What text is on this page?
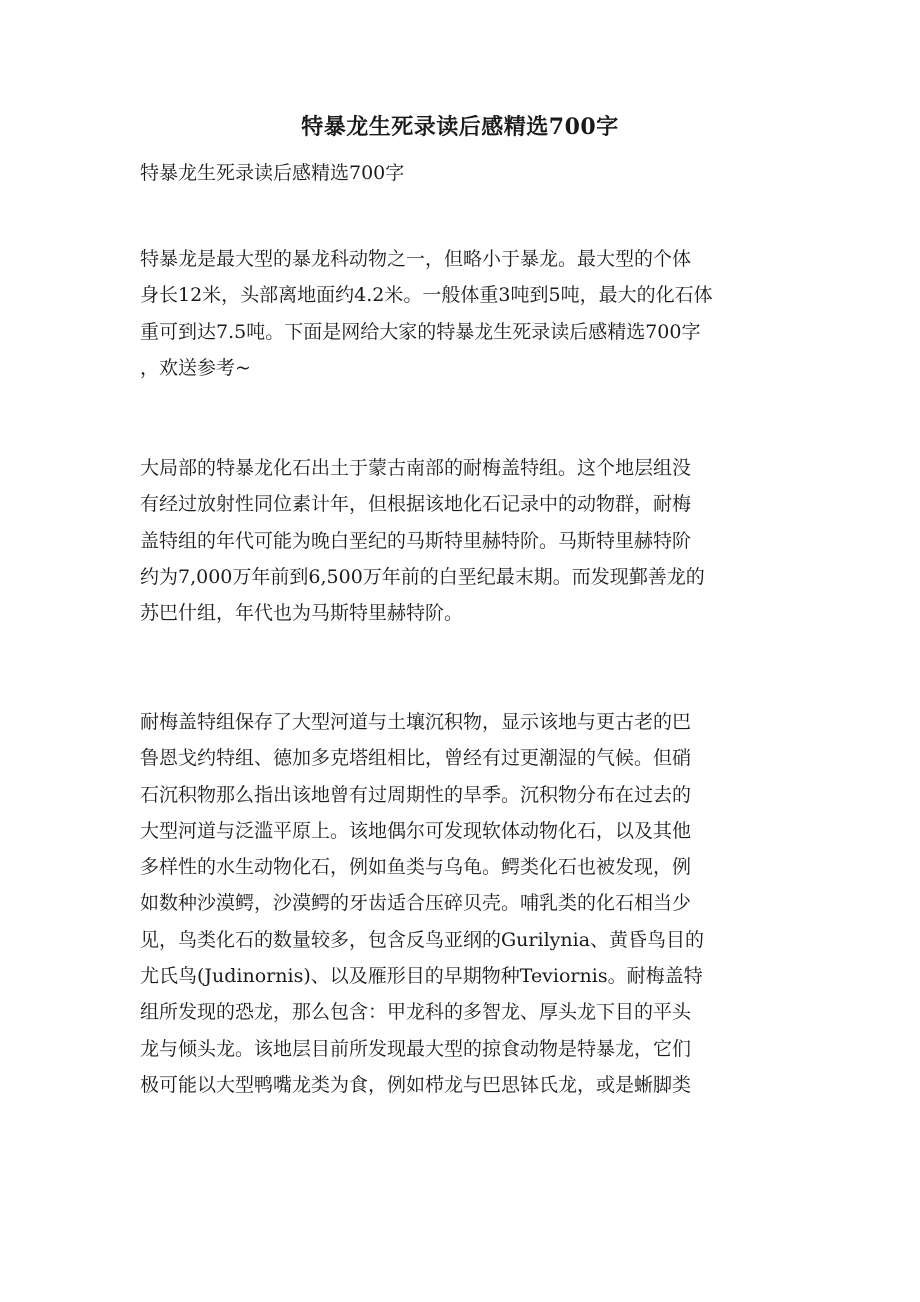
特暴龙生死录读后感精选700字
特暴龙生死录读后感精选700字
特暴龙是最大型的暴龙科动物之一，但略小于暴龙。最大型的个体
身长12米，头部离地面约4.2米。一般体重3吨到5吨，最大的化石体
重可到达7.5吨。下面是网给大家的特暴龙生死录读后感精选700字
，欢送参考~
大局部的特暴龙化石出土于蒙古南部的耐梅盖特组。这个地层组没
有经过放射性同位素计年，但根据该地化石记录中的动物群，耐梅
盖特组的年代可能为晚白垩纪的马斯特里赫特阶。马斯特里赫特阶
约为7,000万年前到6,500万年前的白垩纪最末期。而发现鄞善龙的
苏巴什组，年代也为马斯特里赫特阶。
耐梅盖特组保存了大型河道与土壤沉积物，显示该地与更古老的巴
鲁恩戈约特组、德加多克塔组相比，曾经有过更潮湿的气候。但硝
石沉积物那么指出该地曾有过周期性的旱季。沉积物分布在过去的
大型河道与泛滥平原上。该地偶尔可发现软体动物化石，以及其他
多样性的水生动物化石，例如鱼类与乌龟。鳄类化石也被发现，例
如数种沙漠鳄，沙漠鳄的牙齿适合压碎贝壳。哺乳类的化石相当少
见，鸟类化石的数量较多，包含反鸟亚纲的Gurilynia、黄昏鸟目的
尤氏鸟(Judinornis)、以及雁形目的早期物种Teviornis。耐梅盖特
组所发现的恐龙，那么包含：甲龙科的多智龙、厚头龙下目的平头
龙与倾头龙。该地层目前所发现最大型的掠食动物是特暴龙，它们
极可能以大型鸭嘴龙类为食，例如栉龙与巴思钵氏龙，或是蜥脚类
